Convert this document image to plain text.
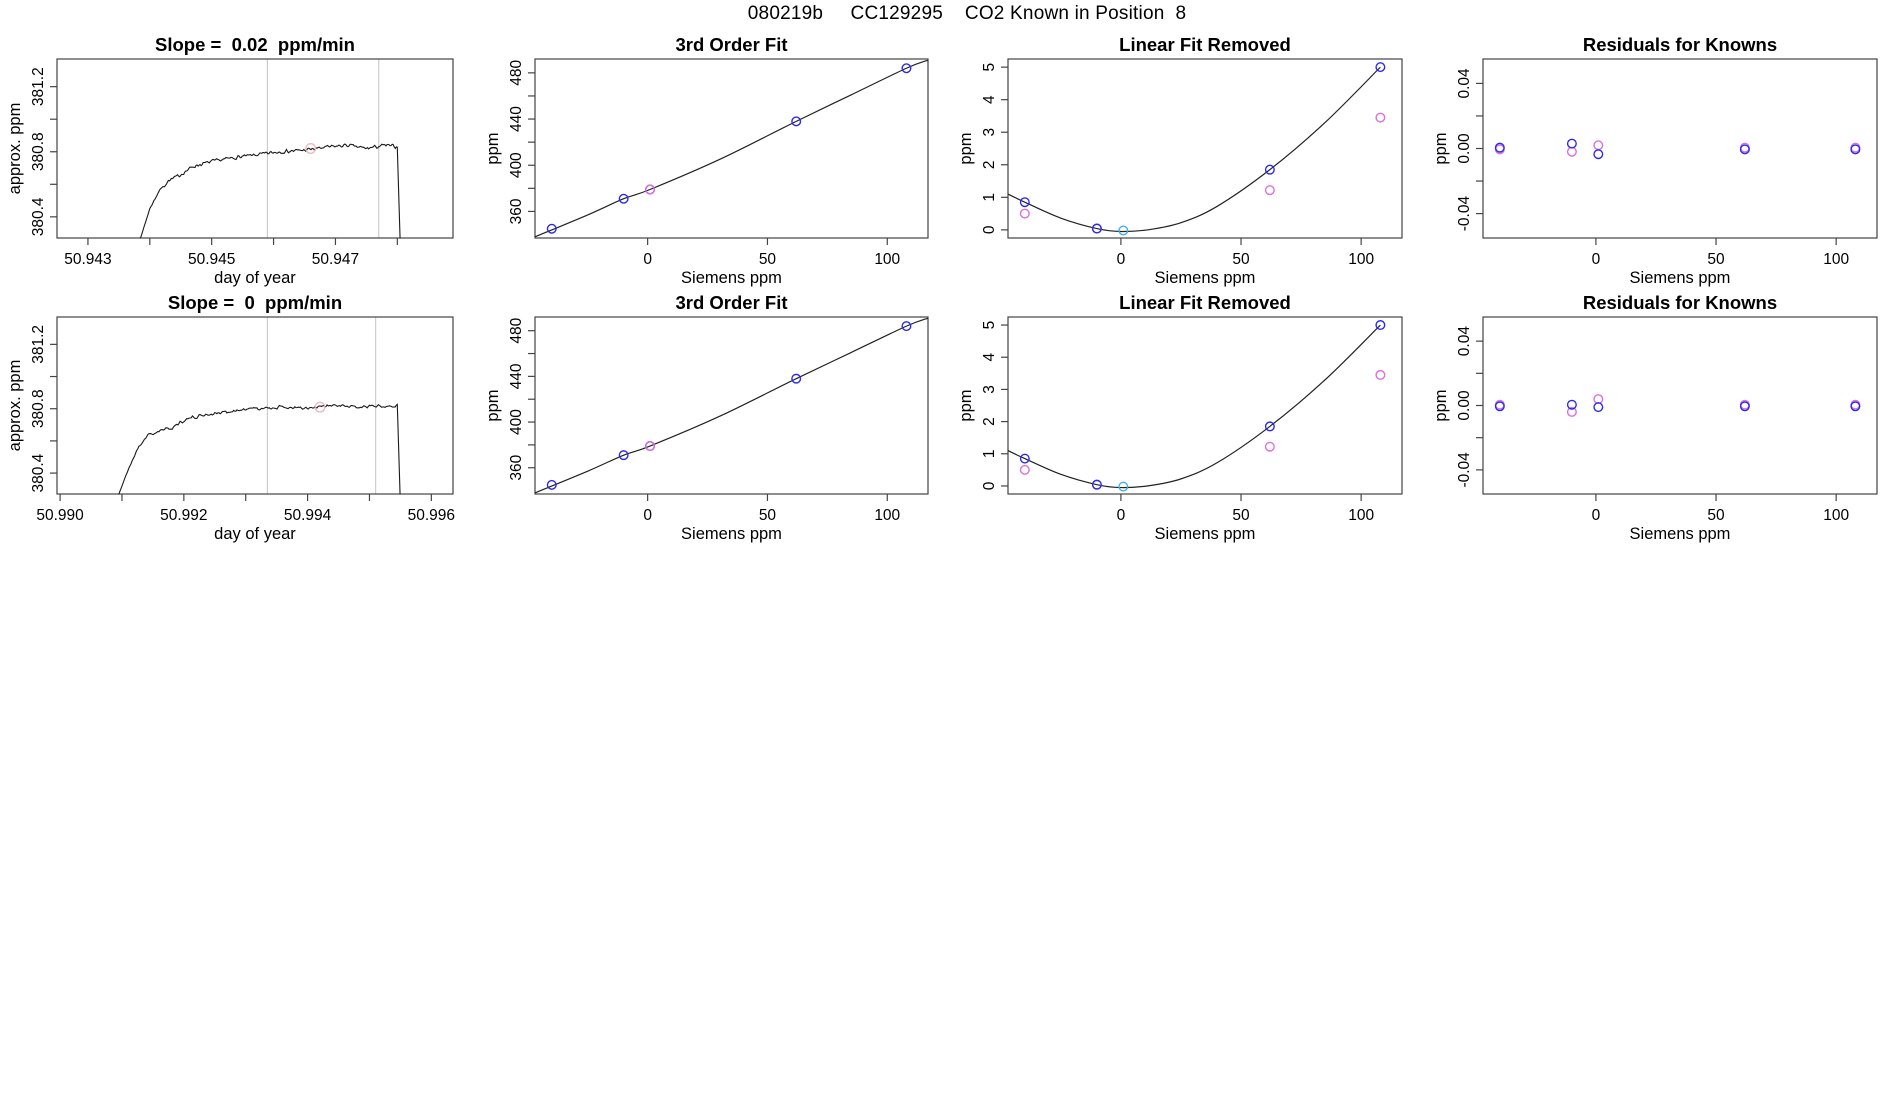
080219b     CC129295    CO2 Known in Position  8
50.943	50.945	50.947
380.4
380.8
381.2
day of year
approx. ppm
Slope =  0.02  ppm/min
0	50	100
360
400
440
480
Siemens ppm
ppm
3rd Order Fit
0	50	100
0
1
2
3
4
5
Siemens ppm
ppm
Linear Fit Removed
0	50	100
-0.04
0.00
0.04
Siemens ppm
ppm
Residuals for Knowns
50.990	50.992	50.994	50.996
380.4
380.8
381.2
day of year
approx. ppm
Slope =  0  ppm/min
0	50	100
360
400
440
480
Siemens ppm
ppm
3rd Order Fit
0	50	100
0
1
2
3
4
5
Siemens ppm
ppm
Linear Fit Removed
0	50	100
-0.04
0.00
0.04
Siemens ppm
ppm
Residuals for Knowns
